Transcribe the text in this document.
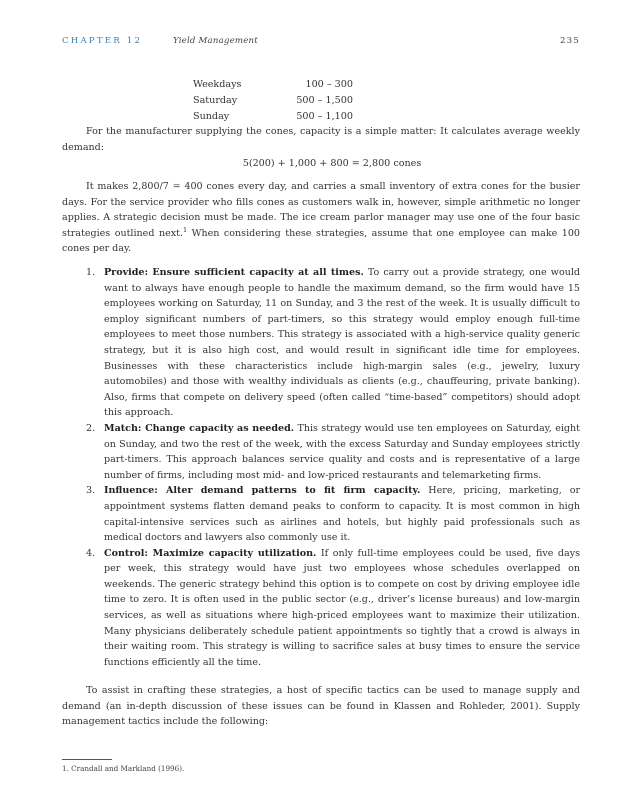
CHAPTER 12	Yield Management	235
Weekdays	100 – 300
Saturday	500 – 1,500
Sunday	500 – 1,100

For the manufacturer supplying the cones, capacity is a simple matter: It calculates average weekly demand:

5(200) + 1,000 + 800 = 2,800 cones

It makes 2,800/7 = 400 cones every day, and carries a small inventory of extra cones for the busier days. For the service provider who fills cones as customers walk in, however, simple arithmetic no longer applies. A strategic decision must be made. The ice cream parlor manager may use one of the four basic strategies outlined next.$^1$ When considering these strategies, assume that one employee can make 100 cones per day.

1. Provide: Ensure sufficient capacity at all times. To carry out a provide strategy, one would want to always have enough people to handle the maximum demand, so the firm would have 15 employees working on Saturday, 11 on Sunday, and 3 the rest of the week. It is usually difficult to employ significant numbers of part-timers, so this strategy would employ enough full-time employees to meet those numbers. This strategy is associated with a high-service quality generic strategy, but it is also high cost, and would result in significant idle time for employees. Businesses with these characteristics include high-margin sales (e.g., jewelry, luxury automobiles) and those with wealthy individuals as clients (e.g., chauffeuring, private banking). Also, firms that compete on delivery speed (often called “time-based” competitors) should adopt this approach.
2. Match: Change capacity as needed. This strategy would use ten employees on Saturday, eight on Sunday, and two the rest of the week, with the excess Saturday and Sunday employees strictly part-timers. This approach balances service quality and costs and is representative of a large number of firms, including most mid- and low-priced restaurants and telemarketing firms.
3. Influence: Alter demand patterns to fit firm capacity. Here, pricing, marketing, or appointment systems flatten demand peaks to conform to capacity. It is most common in high capital-intensive services such as airlines and hotels, but highly paid professionals such as medical doctors and lawyers also commonly use it.
4. Control: Maximize capacity utilization. If only full-time employees could be used, five days per week, this strategy would have just two employees whose schedules overlapped on weekends. The generic strategy behind this option is to compete on cost by driving employee idle time to zero. It is often used in the public sector (e.g., driver’s license bureaus) and low-margin services, as well as situations where high-priced employees want to maximize their utilization. Many physicians deliberately schedule patient appointments so tightly that a crowd is always in their waiting room. This strategy is willing to sacrifice sales at busy times to ensure the service functions efficiently all the time.

To assist in crafting these strategies, a host of specific tactics can be used to manage supply and demand (an in-depth discussion of these issues can be found in Klassen and Rohleder, 2001). Supply management tactics include the following:

1. Crandall and Markland (1996).
